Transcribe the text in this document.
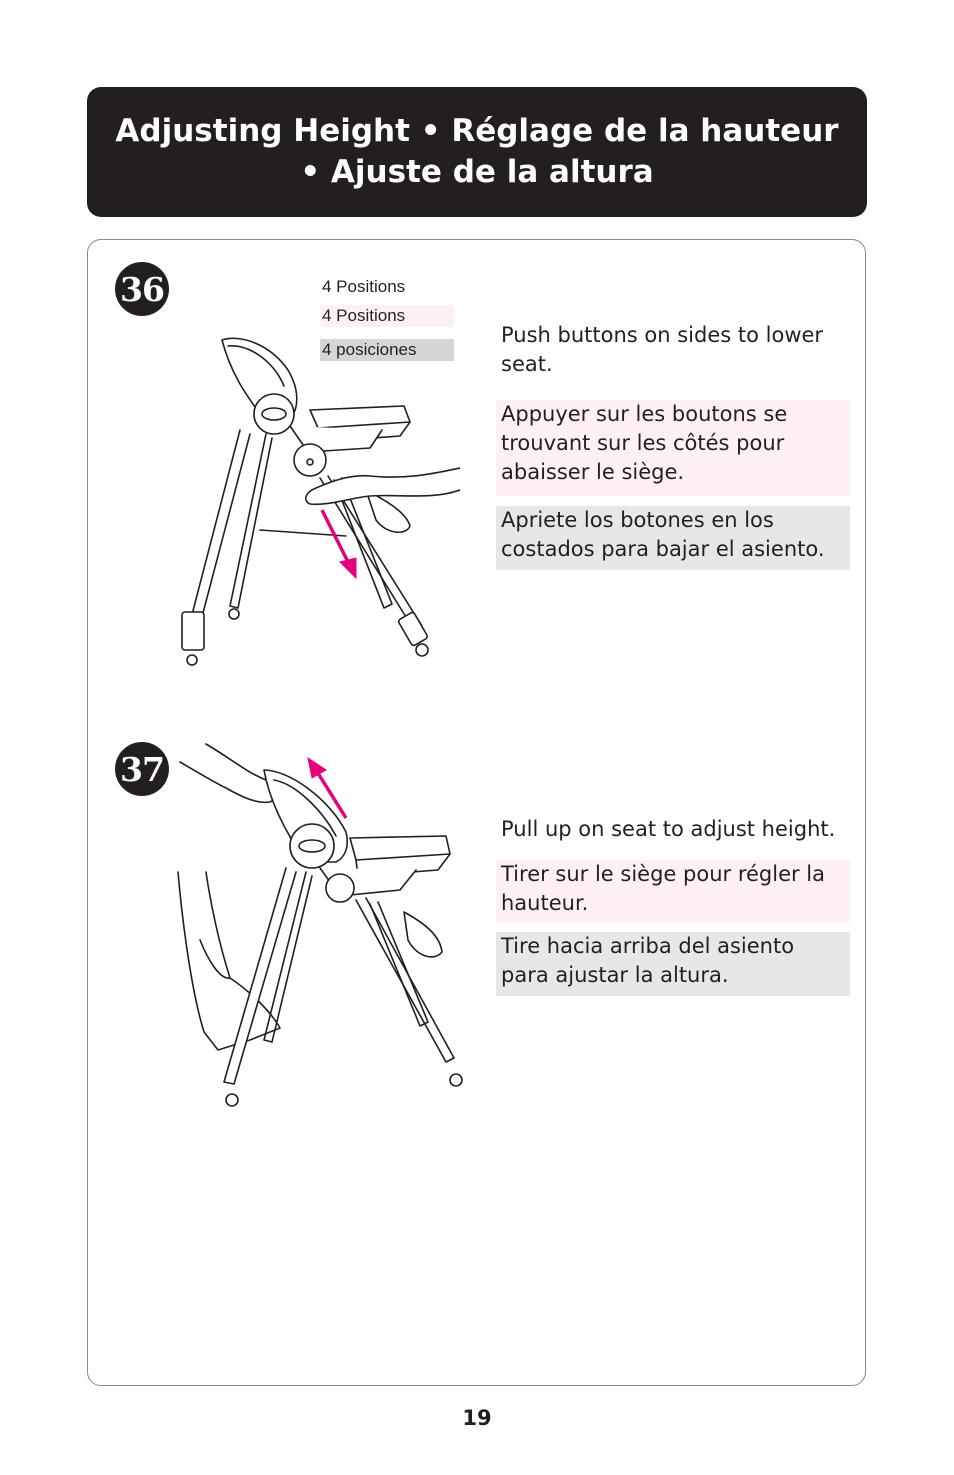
Adjusting Height • Réglage de la hauteur
• Ajuste de la altura
36	4 Positions
4 Positions
4 posiciones
Push buttons on sides to lower seat.
Appuyer sur les boutons se trouvant sur les côtés pour abaisser le siège.
Apriete los botones en los costados para bajar el asiento.
37
Pull up on seat to adjust height.
Tirer sur le siège pour régler la hauteur.
Tire hacia arriba del asiento para ajustar la altura.
19
